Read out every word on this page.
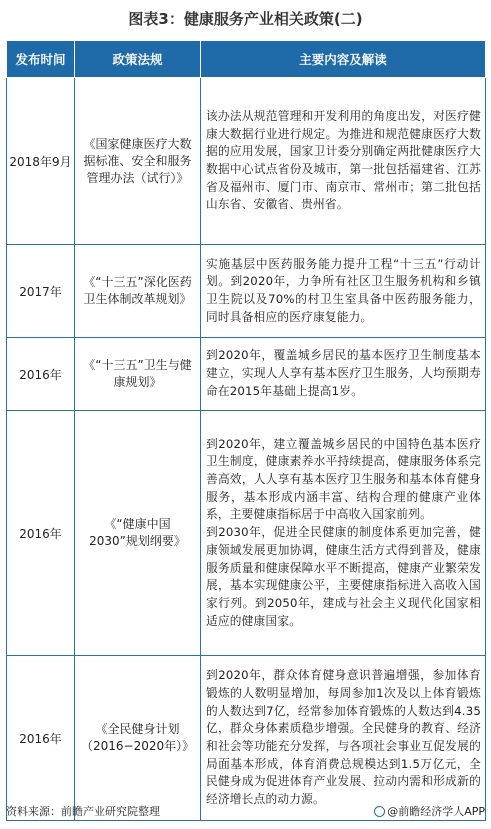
图表3：健康服务产业相关政策(二)
发布时间	政策法规	主要内容及解读
2018年9月	《国家健康医疗大数据标准、安全和服务管理办法（试行）》	该办法从规范管理和开发利用的角度出发，对医疗健康大数据行业进行规定。为推进和规范健康医疗大数据的应用发展，国家卫计委分别确定两批健康医疗大数据中心试点省份及城市，第一批包括福建省、江苏省及福州市、厦门市、南京市、常州市；第二批包括山东省、安徽省、贵州省。

2017年	《“十三五”深化医药卫生体制改革规划》	实施基层中医药服务能力提升工程“十三五”行动计划。到2020年，力争所有社区卫生服务机构和乡镇卫生院以及70%的村卫生室具备中医药服务能力，同时具备相应的医疗康复能力。

2016年	《“十三五”卫生与健康规划》	到2020年，覆盖城乡居民的基本医疗卫生制度基本建立，实现人人享有基本医疗卫生服务，人均预期寿命在2015年基础上提高1岁。

2016年	《“健康中国2030”规划纲要》	到2020年，建立覆盖城乡居民的中国特色基本医疗卫生制度，健康素养水平持续提高，健康服务体系完善高效，人人享有基本医疗卫生服务和基本体育健身服务，基本形成内涵丰富、结构合理的健康产业体系，主要健康指标居于中高收入国家前列。
到2030年，促进全民健康的制度体系更加完善，健康领域发展更加协调，健康生活方式得到普及，健康服务质量和健康保障水平不断提高，健康产业繁荣发展，基本实现健康公平，主要健康指标进入高收入国家行列。到2050年，建成与社会主义现代化国家相适应的健康国家。

2016年	《全民健身计划（2016−2020年）》	到2020年，群众体育健身意识普遍增强，参加体育锻炼的人数明显增加，每周参加1次及以上体育锻炼的人数达到7亿，经常参加体育锻炼的人数达到4.35亿，群众身体素质稳步增强。全民健身的教育、经济和社会等功能充分发挥，与各项社会事业互促发展的局面基本形成，体育消费总规模达到1.5万亿元，全民健身成为促进体育产业发展、拉动内需和形成新的经济增长点的动力源。
资料来源：前瞻产业研究院整理	@前瞻经济学人APP
